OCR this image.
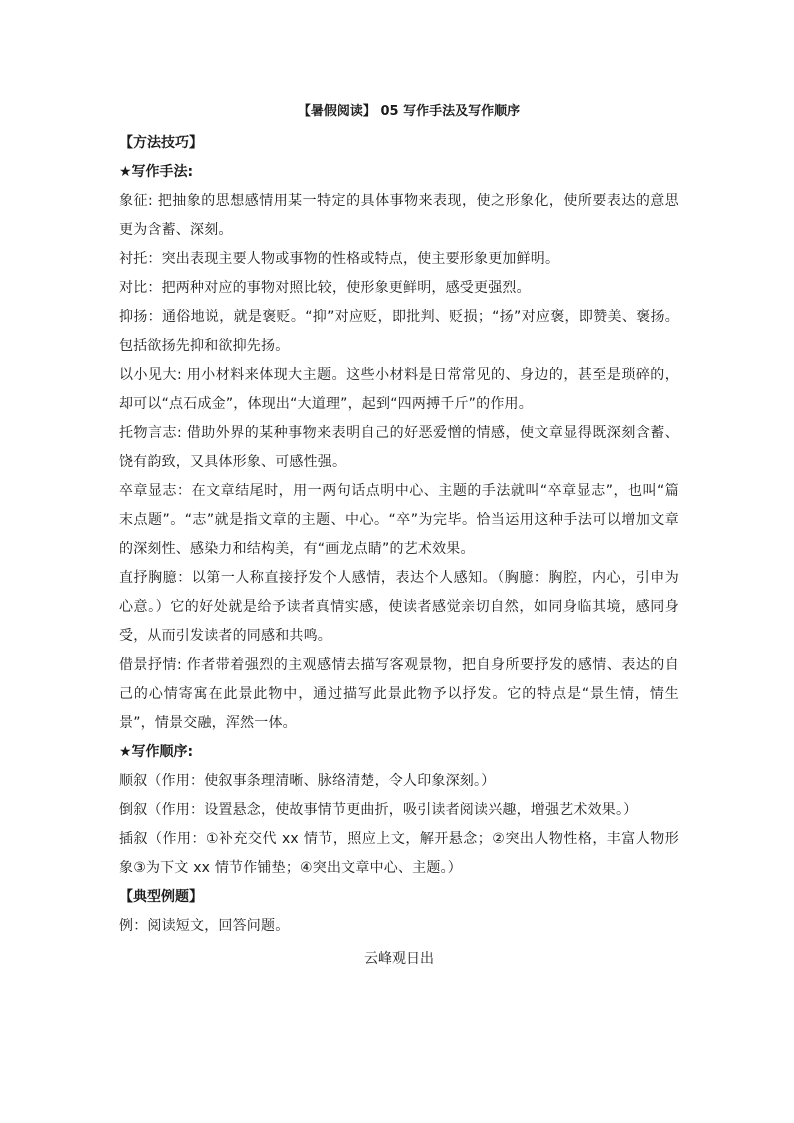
【暑假阅读】 05 写作手法及写作顺序
【方法技巧】
★写作手法:
象征: 把抽象的思想感情用某一特定的具体事物来表现，使之形象化，使所要表达的意思更为含蓄、深刻。
衬托：突出表现主要人物或事物的性格或特点，使主要形象更加鲜明。
对比：把两种对应的事物对照比较，使形象更鲜明，感受更强烈。
抑扬：通俗地说，就是褒贬。“抑”对应贬，即批判、贬损；“扬”对应褒，即赞美、褒扬。包括欲扬先抑和欲抑先扬。
以小见大: 用小材料来体现大主题。这些小材料是日常常见的、身边的，甚至是琐碎的，却可以“点石成金”，体现出“大道理”，起到“四两搏千斤”的作用。
托物言志: 借助外界的某种事物来表明自己的好恶爱憎的情感，使文章显得既深刻含蓄、饶有韵致，又具体形象、可感性强。
卒章显志：在文章结尾时，用一两句话点明中心、主题的手法就叫“卒章显志”，也叫“篇末点题”。“志”就是指文章的主题、中心。“卒”为完毕。恰当运用这种手法可以增加文章的深刻性、感染力和结构美，有“画龙点睛”的艺术效果。
直抒胸臆：以第一人称直接抒发个人感情，表达个人感知。（胸臆：胸腔，内心，引申为心意。）它的好处就是给予读者真情实感，使读者感觉亲切自然，如同身临其境，感同身受，从而引发读者的同感和共鸣。
借景抒情: 作者带着强烈的主观感情去描写客观景物，把自身所要抒发的感情、表达的自己的心情寄寓在此景此物中，通过描写此景此物予以抒发。它的特点是“景生情，情生景”，情景交融，浑然一体。
★写作顺序:
顺叙（作用：使叙事条理清晰、脉络清楚，令人印象深刻。）
倒叙（作用：设置悬念，使故事情节更曲折，吸引读者阅读兴趣，增强艺术效果。）
插叙（作用：①补充交代 xx 情节，照应上文，解开悬念；②突出人物性格，丰富人物形象③为下文 xx 情节作铺垫；④突出文章中心、主题。）
【典型例题】
例：阅读短文，回答问题。
云峰观日出
